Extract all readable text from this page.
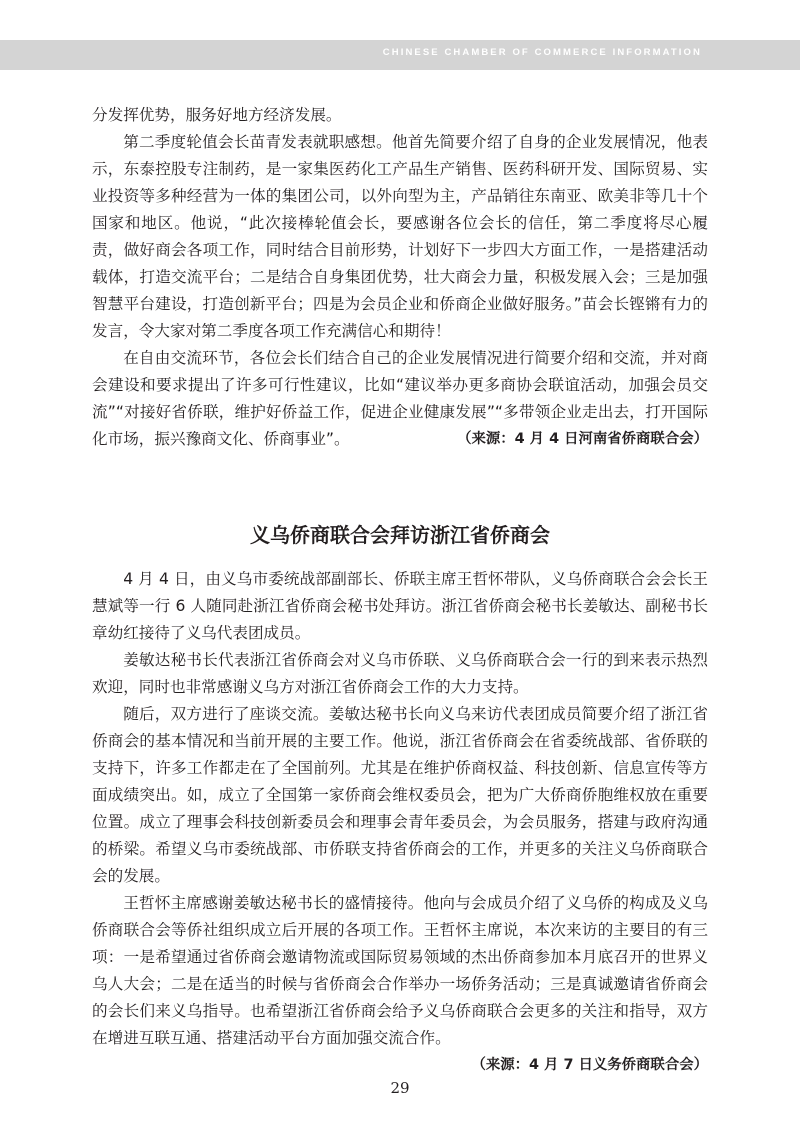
CHINESE CHAMBER OF COMMERCE INFORMATION

分发挥优势，服务好地方经济发展。

第二季度轮值会长苗青发表就职感想。他首先简要介绍了自身的企业发展情况，他表示，东泰控股专注制药，是一家集医药化工产品生产销售、医药科研开发、国际贸易、实业投资等多种经营为一体的集团公司，以外向型为主，产品销往东南亚、欧美非等几十个国家和地区。他说，“此次接棒轮值会长，要感谢各位会长的信任，第二季度将尽心履责，做好商会各项工作，同时结合目前形势，计划好下一步四大方面工作，一是搭建活动载体，打造交流平台；二是结合自身集团优势，壮大商会力量，积极发展入会；三是加强智慧平台建设，打造创新平台；四是为会员企业和侨商企业做好服务。”苗会长铿锵有力的发言，令大家对第二季度各项工作充满信心和期待！

在自由交流环节，各位会长们结合自己的企业发展情况进行简要介绍和交流，并对商会建设和要求提出了许多可行性建议，比如“建议举办更多商协会联谊活动，加强会员交流”“对接好省侨联，维护好侨益工作，促进企业健康发展”“多带领企业走出去，打开国际化市场，振兴豫商文化、侨商事业”。	（来源：4 月 4 日河南省侨商联合会）

义乌侨商联合会拜访浙江省侨商会

4 月 4 日，由义乌市委统战部副部长、侨联主席王哲怀带队，义乌侨商联合会会长王慧斌等一行 6 人随同赴浙江省侨商会秘书处拜访。浙江省侨商会秘书长姜敏达、副秘书长章幼红接待了义乌代表团成员。

姜敏达秘书长代表浙江省侨商会对义乌市侨联、义乌侨商联合会一行的到来表示热烈欢迎，同时也非常感谢义乌方对浙江省侨商会工作的大力支持。

随后，双方进行了座谈交流。姜敏达秘书长向义乌来访代表团成员简要介绍了浙江省侨商会的基本情况和当前开展的主要工作。他说，浙江省侨商会在省委统战部、省侨联的支持下，许多工作都走在了全国前列。尤其是在维护侨商权益、科技创新、信息宣传等方面成绩突出。如，成立了全国第一家侨商会维权委员会，把为广大侨商侨胞维权放在重要位置。成立了理事会科技创新委员会和理事会青年委员会，为会员服务，搭建与政府沟通的桥梁。希望义乌市委统战部、市侨联支持省侨商会的工作，并更多的关注义乌侨商联合会的发展。

王哲怀主席感谢姜敏达秘书长的盛情接待。他向与会成员介绍了义乌侨的构成及义乌侨商联合会等侨社组织成立后开展的各项工作。王哲怀主席说，本次来访的主要目的有三项：一是希望通过省侨商会邀请物流或国际贸易领域的杰出侨商参加本月底召开的世界义乌人大会；二是在适当的时候与省侨商会合作举办一场侨务活动；三是真诚邀请省侨商会的会长们来义乌指导。也希望浙江省侨商会给予义乌侨商联合会更多的关注和指导，双方在增进互联互通、搭建活动平台方面加强交流合作。
（来源：4 月 7 日义务侨商联合会）

29
